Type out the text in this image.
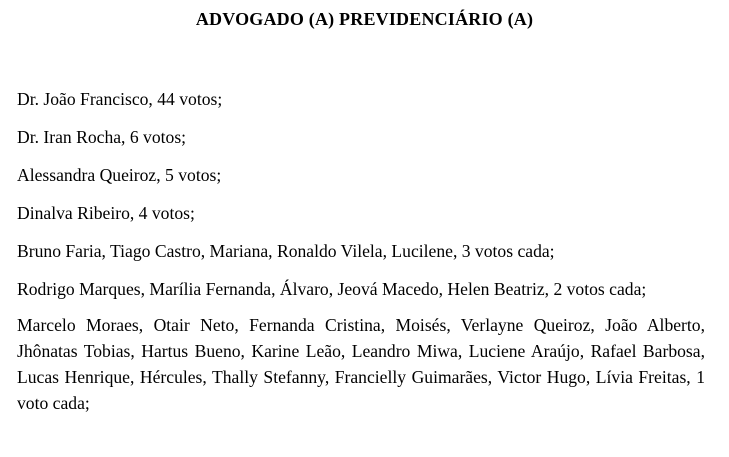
ADVOGADO (A) PREVIDENCIÁRIO (A)

Dr. João Francisco, 44 votos;

Dr. Iran Rocha, 6 votos;

Alessandra Queiroz, 5 votos;

Dinalva Ribeiro, 4 votos;

Bruno Faria, Tiago Castro, Mariana, Ronaldo Vilela, Lucilene, 3 votos cada;

Rodrigo Marques, Marília Fernanda, Álvaro, Jeová Macedo, Helen Beatriz, 2 votos cada;

Marcelo Moraes, Otair Neto, Fernanda Cristina, Moisés, Verlayne Queiroz, João Alberto, Jhônatas Tobias, Hartus Bueno, Karine Leão, Leandro Miwa, Luciene Araújo, Rafael Barbosa, Lucas Henrique, Hércules, Thally Stefanny, Francielly Guimarães, Victor Hugo, Lívia Freitas, 1 voto cada;
